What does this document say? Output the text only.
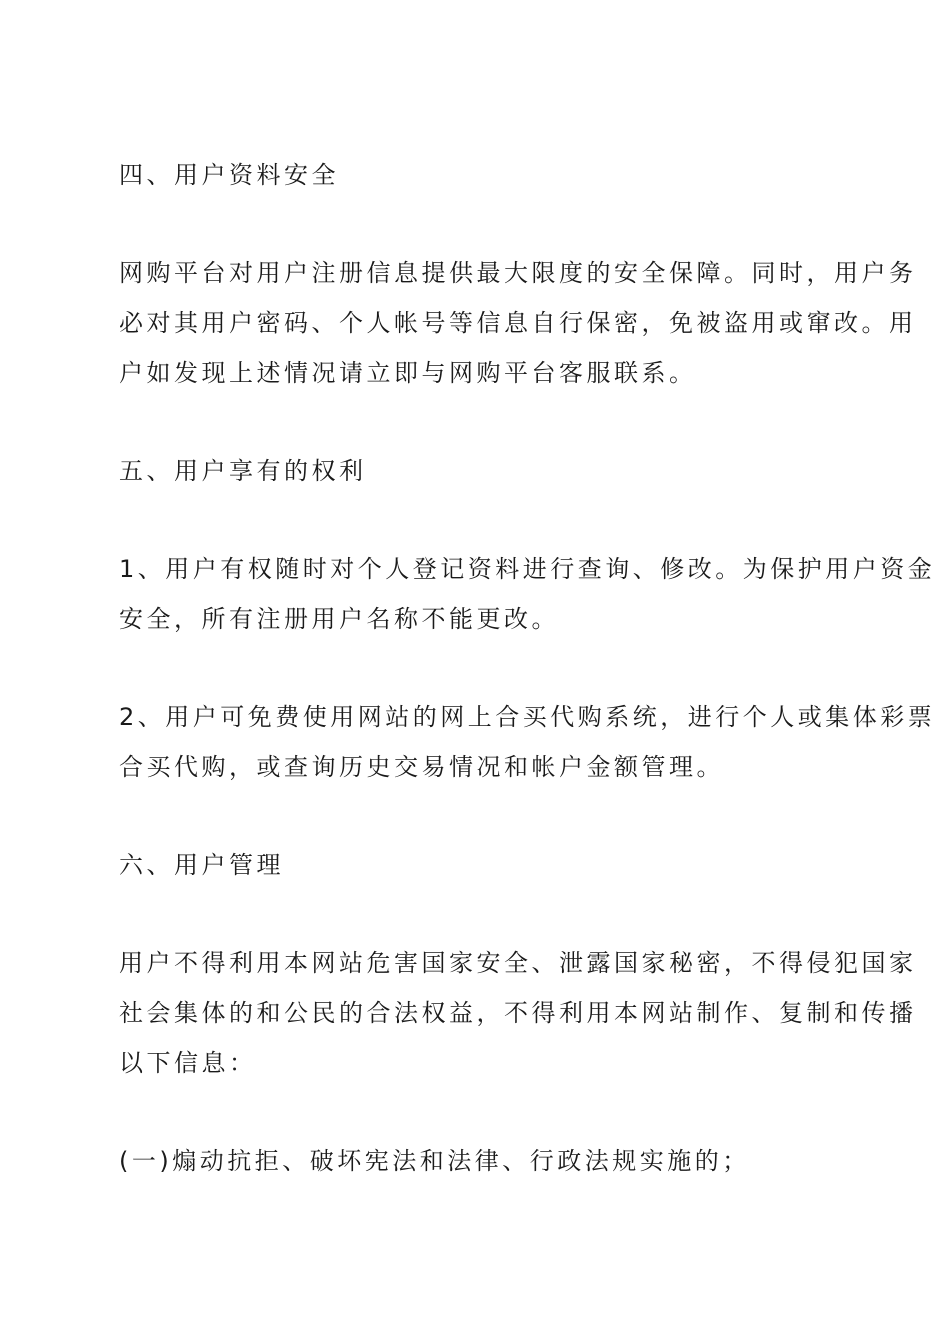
四、用户资料安全

网购平台对用户注册信息提供最大限度的安全保障。同时，用户务

必对其用户密码、个人帐号等信息自行保密，免被盗用或窜改。用

户如发现上述情况请立即与网购平台客服联系。

五、用户享有的权利

1、用户有权随时对个人登记资料进行查询、修改。为保护用户资金

安全，所有注册用户名称不能更改。

2、用户可免费使用网站的网上合买代购系统，进行个人或集体彩票

合买代购，或查询历史交易情况和帐户金额管理。

六、用户管理

用户不得利用本网站危害国家安全、泄露国家秘密，不得侵犯国家

社会集体的和公民的合法权益，不得利用本网站制作、复制和传播

以下信息：

(一)煽动抗拒、破坏宪法和法律、行政法规实施的；
